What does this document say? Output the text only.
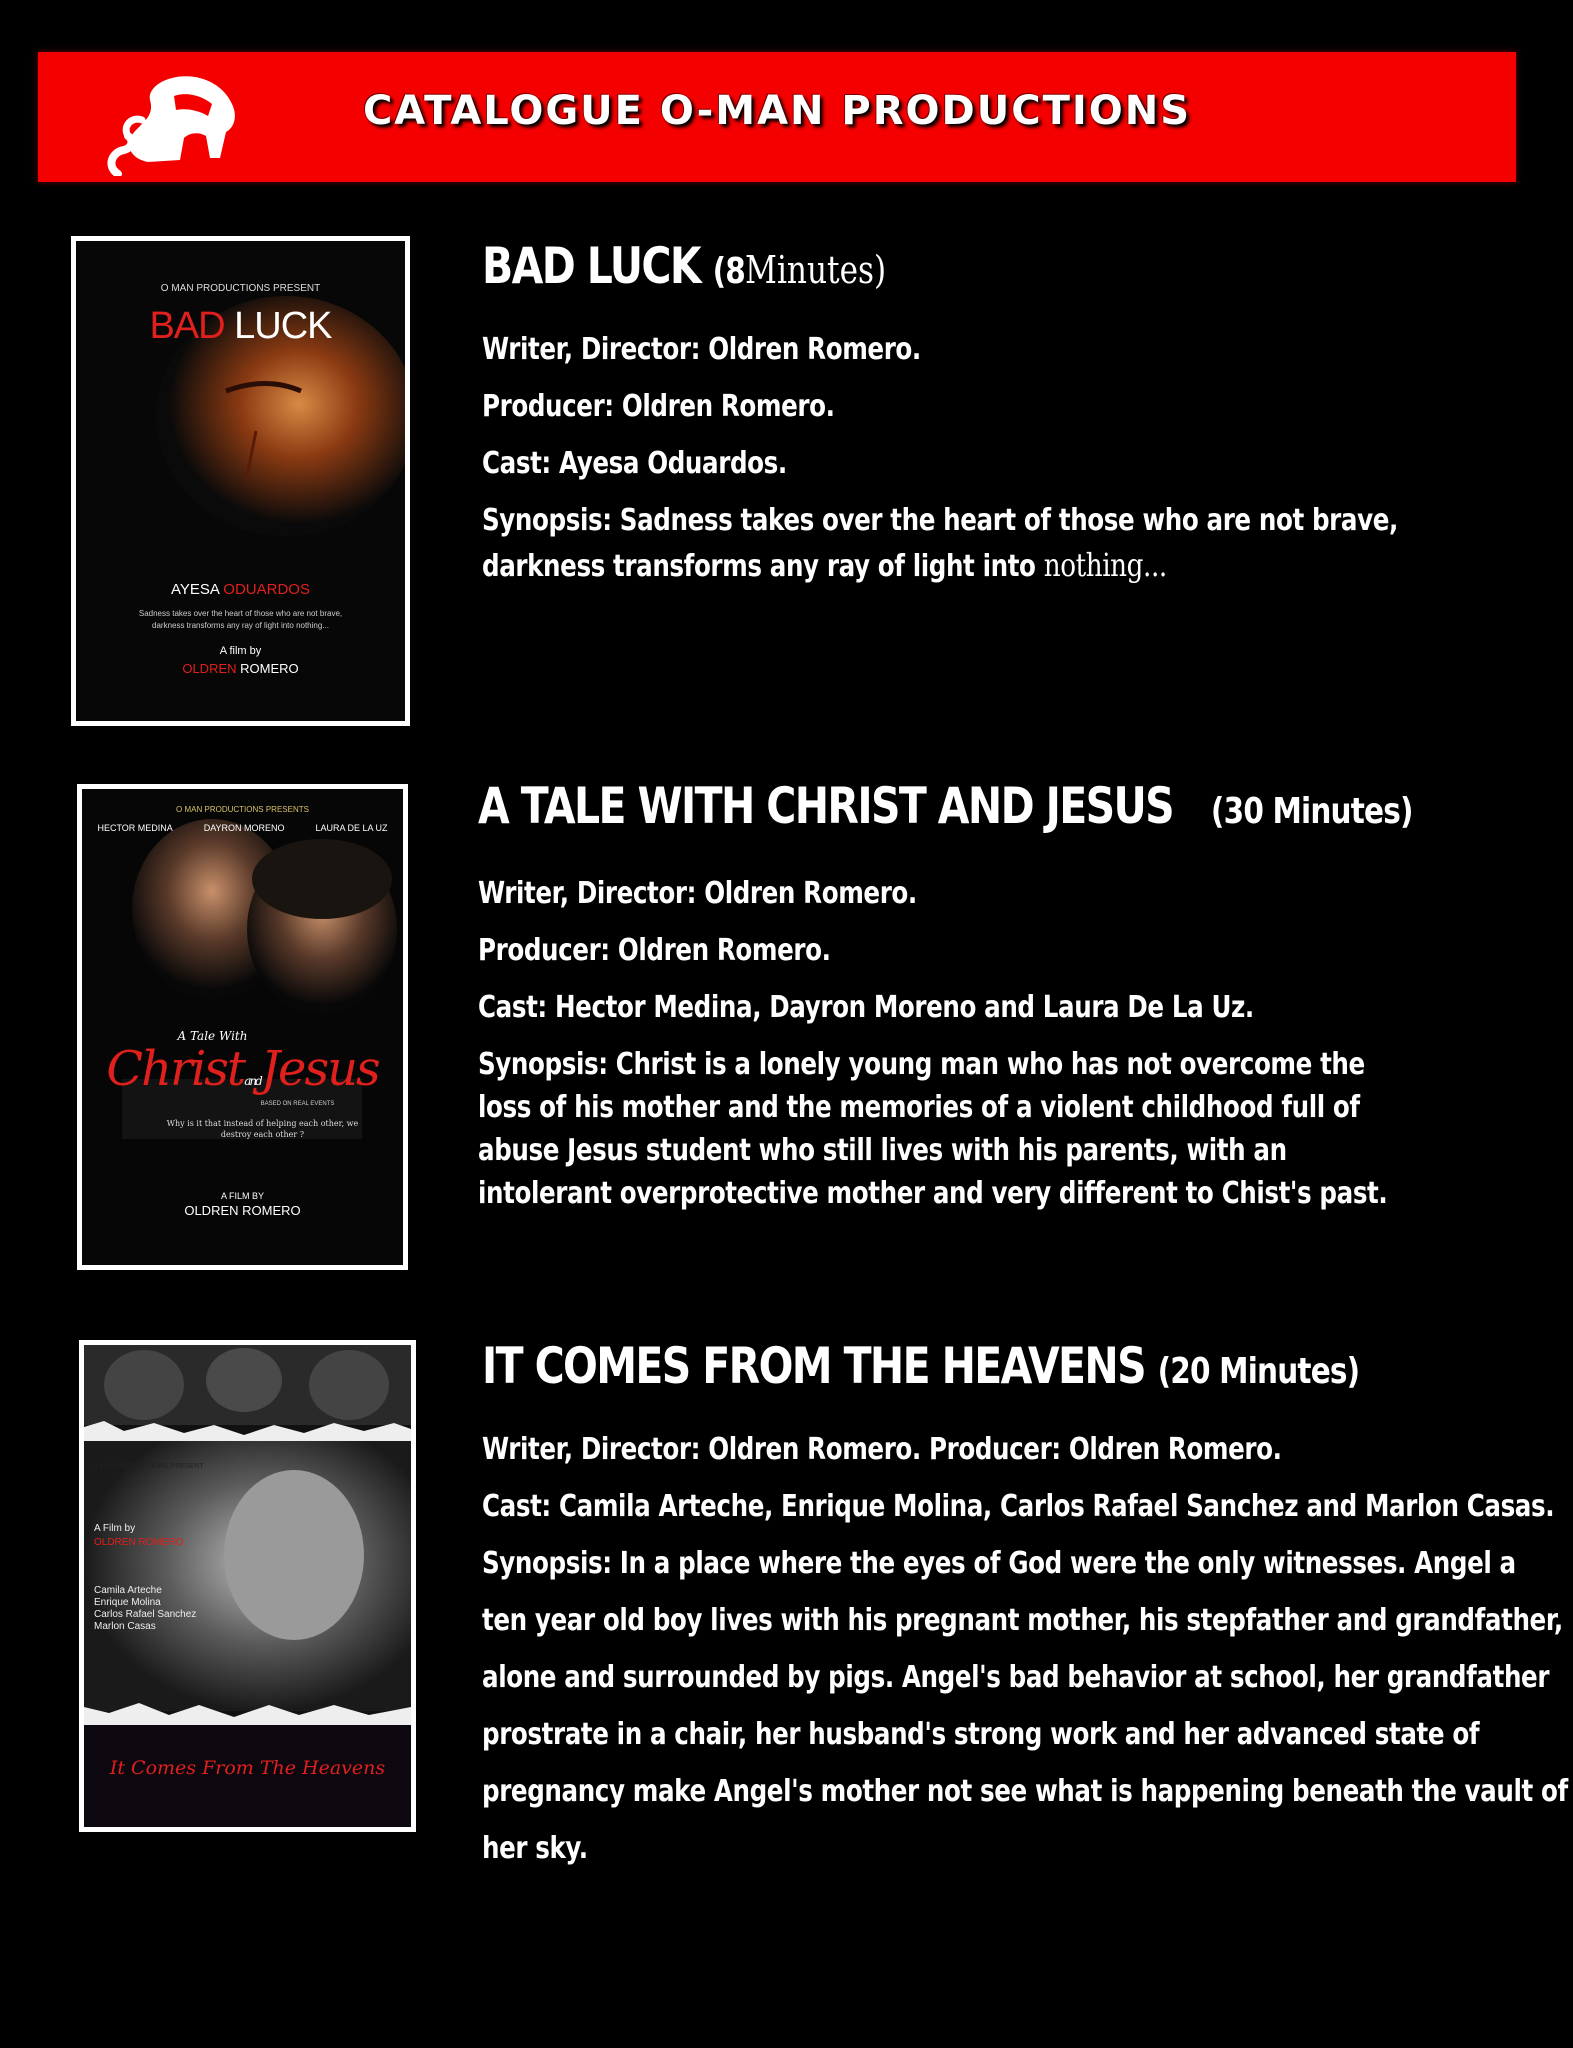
CATALOGUE O-MAN PRODUCTIONS
O MAN PRODUCTIONS PRESENT
BAD LUCK
AYESA ODUARDOS
Sadness takes over the heart of those who are not brave,
darkness transforms any ray of light into nothing...
A film by
OLDREN ROMERO
BAD LUCK (8Minutes)
Writer, Director: Oldren Romero.
Producer: Oldren Romero.
Cast: Ayesa Oduardos.
Synopsis: Sadness takes over the heart of those who are not brave,
darkness transforms any ray of light into nothing...
O MAN PRODUCTIONS PRESENTS
HECTOR MEDINA	DAYRON MORENO	LAURA DE LA UZ
A Tale With
ChristandJesus
BASED ON REAL EVENTS
Why is it that instead of helping each other, we
destroy each other ?
A FILM BY
OLDREN ROMERO
A TALE WITH CHRIST AND JESUS (30 Minutes)
Writer, Director: Oldren Romero.
Producer: Oldren Romero.
Cast: Hector Medina, Dayron Moreno and Laura De La Uz.
Synopsis: Christ is a lonely young man who has not overcome the
loss of his mother and the memories of a violent childhood full of
abuse Jesus student who still lives with his parents, with an
intolerant overprotective mother and very different to Chist's past.
O MAN PRODUCTIONS PRESENT
A Film by
OLDREN ROMERO
Camila Arteche
Enrique Molina
Carlos Rafael Sanchez
Marlon Casas
It Comes From The Heavens
IT COMES FROM THE HEAVENS (20 Minutes)
Writer, Director: Oldren Romero. Producer: Oldren Romero.
Cast: Camila Arteche, Enrique Molina, Carlos Rafael Sanchez and Marlon Casas.
Synopsis: In a place where the eyes of God were the only witnesses. Angel a
ten year old boy lives with his pregnant mother, his stepfather and grandfather,
alone and surrounded by pigs. Angel's bad behavior at school, her grandfather
prostrate in a chair, her husband's strong work and her advanced state of
pregnancy make Angel's mother not see what is happening beneath the vault of
her sky.
